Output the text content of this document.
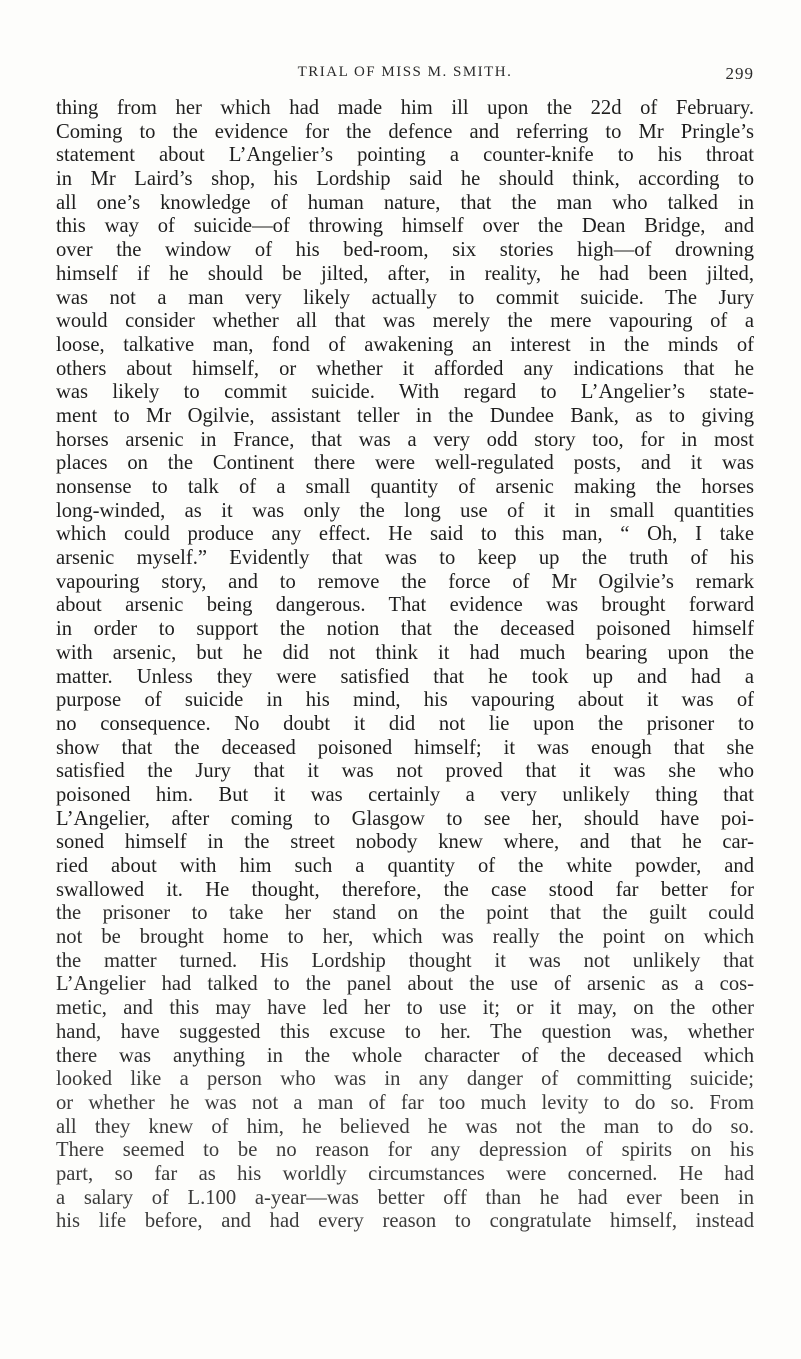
TRIAL OF MISS M. SMITH.	299
thing from her which had made him ill upon the 22d of February.
Coming to the evidence for the defence and referring to Mr Pringle’s
statement about L’Angelier’s pointing a counter-knife to his throat
in Mr Laird’s shop, his Lordship said he should think, according to
all one’s knowledge of human nature, that the man who talked in
this way of suicide—of throwing himself over the Dean Bridge, and
over the window of his bed-room, six stories high—of drowning
himself if he should be jilted, after, in reality, he had been jilted,
was not a man very likely actually to commit suicide. The Jury
would consider whether all that was merely the mere vapouring of a
loose, talkative man, fond of awakening an interest in the minds of
others about himself, or whether it afforded any indications that he
was likely to commit suicide. With regard to L’Angelier’s state-
ment to Mr Ogilvie, assistant teller in the Dundee Bank, as to giving
horses arsenic in France, that was a very odd story too, for in most
places on the Continent there were well-regulated posts, and it was
nonsense to talk of a small quantity of arsenic making the horses
long-winded, as it was only the long use of it in small quantities
which could produce any effect. He said to this man, “ Oh, I take
arsenic myself.” Evidently that was to keep up the truth of his
vapouring story, and to remove the force of Mr Ogilvie’s remark
about arsenic being dangerous. That evidence was brought forward
in order to support the notion that the deceased poisoned himself
with arsenic, but he did not think it had much bearing upon the
matter. Unless they were satisfied that he took up and had a
purpose of suicide in his mind, his vapouring about it was of
no consequence. No doubt it did not lie upon the prisoner to
show that the deceased poisoned himself; it was enough that she
satisfied the Jury that it was not proved that it was she who
poisoned him. But it was certainly a very unlikely thing that
L’Angelier, after coming to Glasgow to see her, should have poi-
soned himself in the street nobody knew where, and that he car-
ried about with him such a quantity of the white powder, and
swallowed it. He thought, therefore, the case stood far better for
the prisoner to take her stand on the point that the guilt could
not be brought home to her, which was really the point on which
the matter turned. His Lordship thought it was not unlikely that
L’Angelier had talked to the panel about the use of arsenic as a cos-
metic, and this may have led her to use it; or it may, on the other
hand, have suggested this excuse to her. The question was, whether
there was anything in the whole character of the deceased which
looked like a person who was in any danger of committing suicide;
or whether he was not a man of far too much levity to do so. From
all they knew of him, he believed he was not the man to do so.
There seemed to be no reason for any depression of spirits on his
part, so far as his worldly circumstances were concerned. He had
a salary of L.100 a-year—was better off than he had ever been in
his life before, and had every reason to congratulate himself, instead
